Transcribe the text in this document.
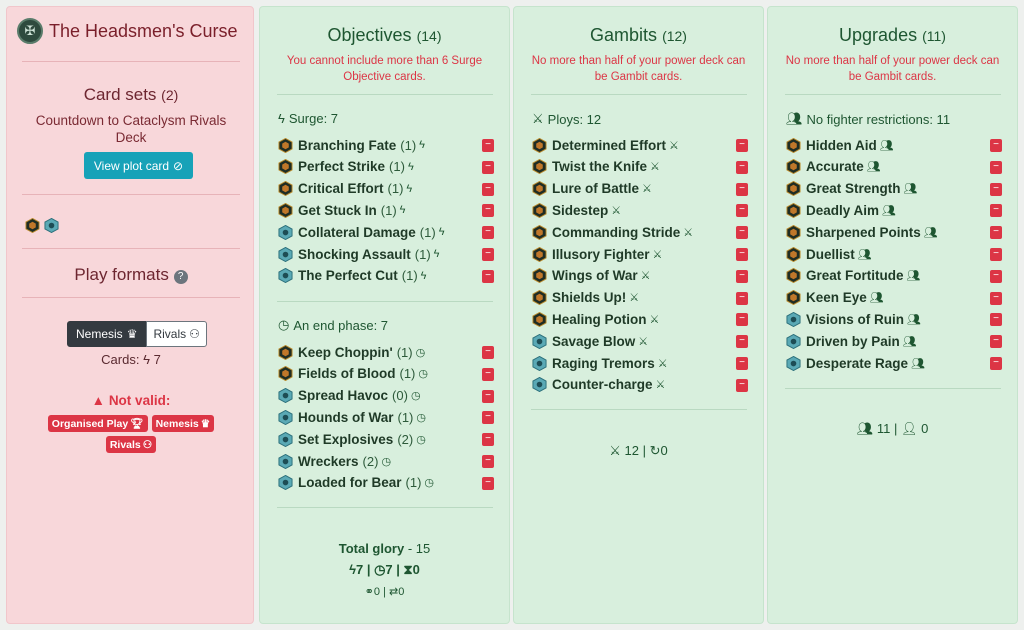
✠ The Headsmen's Curse
Card sets (2)
Countdown to Cataclysm Rivals Deck
View plot card ⊘
Play formats ?
Nemesis ♛ Rivals ⚇
Cards: ϟ 7
▲ Not valid:
Organised Play 🏆︎ Nemesis ♛
Rivals ⚇
Objectives (14)
You cannot include more than 6 Surge Objective cards.
ϟ Surge: 7
Branching Fate (1) ϟ	−
Perfect Strike (1) ϟ	−
Critical Effort (1) ϟ	−
Get Stuck In (1) ϟ	−
Collateral Damage (1) ϟ	−
Shocking Assault (1) ϟ	−
The Perfect Cut (1) ϟ	−
◷ An end phase: 7
Keep Choppin' (1) ◷	−
Fields of Blood (1) ◷	−
Spread Havoc (0) ◷	−
Hounds of War (1) ◷	−
Set Explosives (2) ◷	−
Wreckers (2) ◷	−
Loaded for Bear (1) ◷	−
Total glory - 15
ϟ7 | ◷7 | ⧗0
⚭0 | ⇄0
Gambits (12)
No more than half of your power deck can be Gambit cards.
⚔ Ploys: 12
Determined Effort ⚔	−
Twist the Knife ⚔	−
Lure of Battle ⚔	−
Sidestep ⚔	−
Commanding Stride ⚔	−
Illusory Fighter ⚔	−
Wings of War ⚔	−
Shields Up! ⚔	−
Healing Potion ⚔	−
Savage Blow ⚔	−
Raging Tremors ⚔	−
Counter-charge ⚔	−
⚔ 12 | ↻0
Upgrades (11)
No more than half of your power deck can be Gambit cards.
👥︎ No fighter restrictions: 11
Hidden Aid 👥︎	−
Accurate 👥︎	−
Great Strength 👥︎	−
Deadly Aim 👥︎	−
Sharpened Points 👥︎	−
Duellist 👥︎	−
Great Fortitude 👥︎	−
Keen Eye 👥︎	−
Visions of Ruin 👥︎	−
Driven by Pain 👥︎	−
Desperate Rage 👥︎	−
👥︎ 11 | 👤︎ 0
